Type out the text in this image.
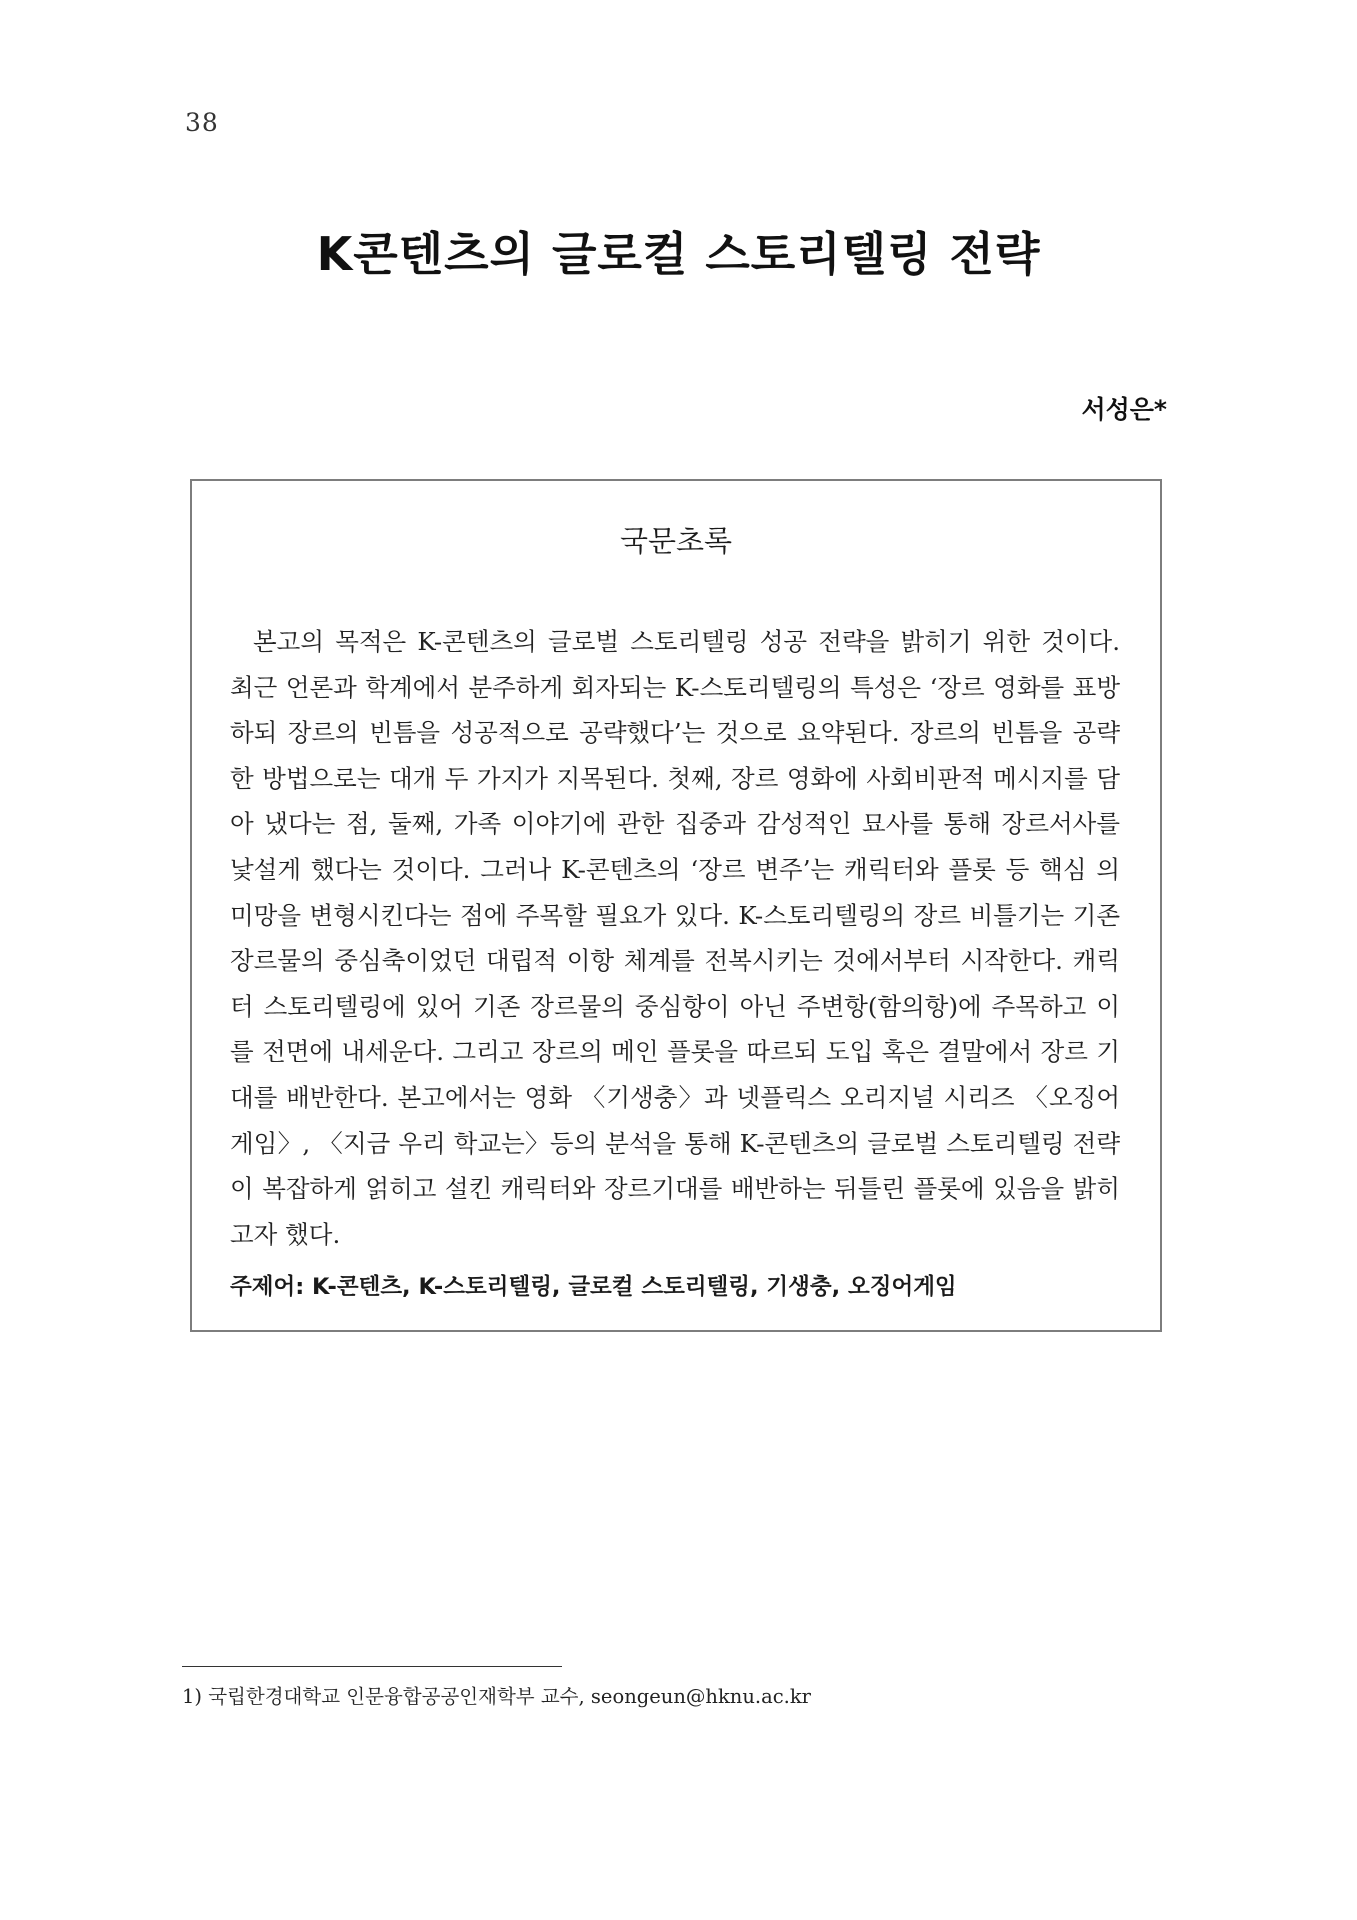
38
K콘텐츠의 글로컬 스토리텔링 전략
서성은*
국문초록

본고의 목적은 K-콘텐츠의 글로벌 스토리텔링 성공 전략을 밝히기 위한 것이다. 최근 언론과 학계에서 분주하게 회자되는 K-스토리텔링의 특성은 ‘장르 영화를 표방하되 장르의 빈틈을 성공적으로 공략했다’는 것으로 요약된다. 장르의 빈틈을 공략한 방법으로는 대개 두 가지가 지목된다. 첫째, 장르 영화에 사회비판적 메시지를 담아 냈다는 점, 둘째, 가족 이야기에 관한 집중과 감성적인 묘사를 통해 장르서사를 낯설게 했다는 것이다. 그러나 K-콘텐츠의 ‘장르 변주’는 캐릭터와 플롯 등 핵심 의미망을 변형시킨다는 점에 주목할 필요가 있다. K-스토리텔링의 장르 비틀기는 기존 장르물의 중심축이었던 대립적 이항 체계를 전복시키는 것에서부터 시작한다. 캐릭터 스토리텔링에 있어 기존 장르물의 중심항이 아닌 주변항(함의항)에 주목하고 이를 전면에 내세운다. 그리고 장르의 메인 플롯을 따르되 도입 혹은 결말에서 장르 기대를 배반한다. 본고에서는 영화 〈기생충〉과 넷플릭스 오리지널 시리즈 〈오징어게임〉, 〈지금 우리 학교는〉등의 분석을 통해 K-콘텐츠의 글로벌 스토리텔링 전략이 복잡하게 얽히고 설킨 캐릭터와 장르기대를 배반하는 뒤틀린 플롯에 있음을 밝히고자 했다.

주제어: K-콘텐츠, K-스토리텔링, 글로컬 스토리텔링, 기생충, 오징어게임
1) 국립한경대학교 인문융합공공인재학부 교수, seongeun@hknu.ac.kr
